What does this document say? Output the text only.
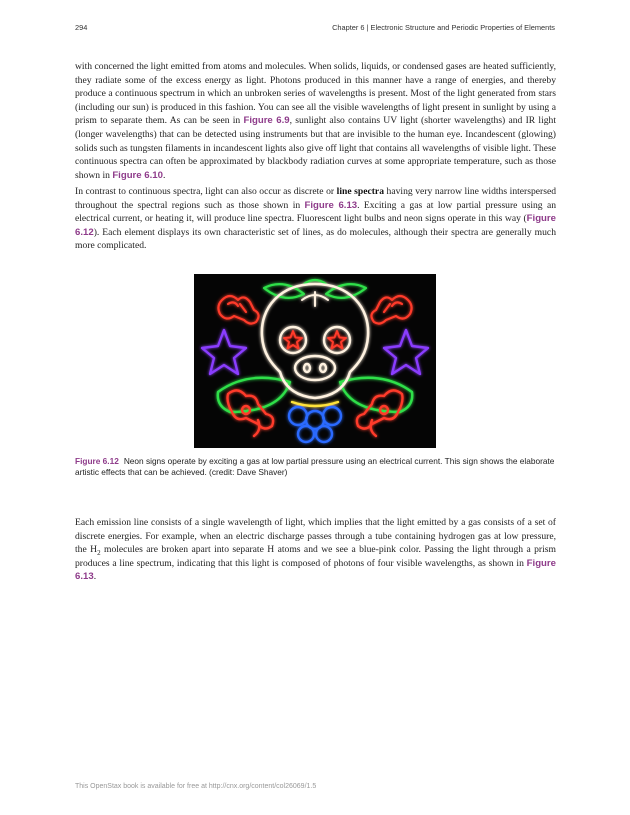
294	Chapter 6 | Electronic Structure and Periodic Properties of Elements

with concerned the light emitted from atoms and molecules. When solids, liquids, or condensed gases are heated sufficiently, they radiate some of the excess energy as light. Photons produced in this manner have a range of energies, and thereby produce a continuous spectrum in which an unbroken series of wavelengths is present. Most of the light generated from stars (including our sun) is produced in this fashion. You can see all the visible wavelengths of light present in sunlight by using a prism to separate them. As can be seen in Figure 6.9, sunlight also contains UV light (shorter wavelengths) and IR light (longer wavelengths) that can be detected using instruments but that are invisible to the human eye. Incandescent (glowing) solids such as tungsten filaments in incandescent lights also give off light that contains all wavelengths of visible light. These continuous spectra can often be approximated by blackbody radiation curves at some appropriate temperature, such as those shown in Figure 6.10.

In contrast to continuous spectra, light can also occur as discrete or line spectra having very narrow line widths interspersed throughout the spectral regions such as those shown in Figure 6.13. Exciting a gas at low partial pressure using an electrical current, or heating it, will produce line spectra. Fluorescent light bulbs and neon signs operate in this way (Figure 6.12). Each element displays its own characteristic set of lines, as do molecules, although their spectra are generally much more complicated.

Figure 6.12 Neon signs operate by exciting a gas at low partial pressure using an electrical current. This sign shows the elaborate artistic effects that can be achieved. (credit: Dave Shaver)

Each emission line consists of a single wavelength of light, which implies that the light emitted by a gas consists of a set of discrete energies. For example, when an electric discharge passes through a tube containing hydrogen gas at low pressure, the $H_2$ molecules are broken apart into separate H atoms and we see a blue-pink color. Passing the light through a prism produces a line spectrum, indicating that this light is composed of photons of four visible wavelengths, as shown in Figure 6.13.

This OpenStax book is available for free at http://cnx.org/content/col26069/1.5
